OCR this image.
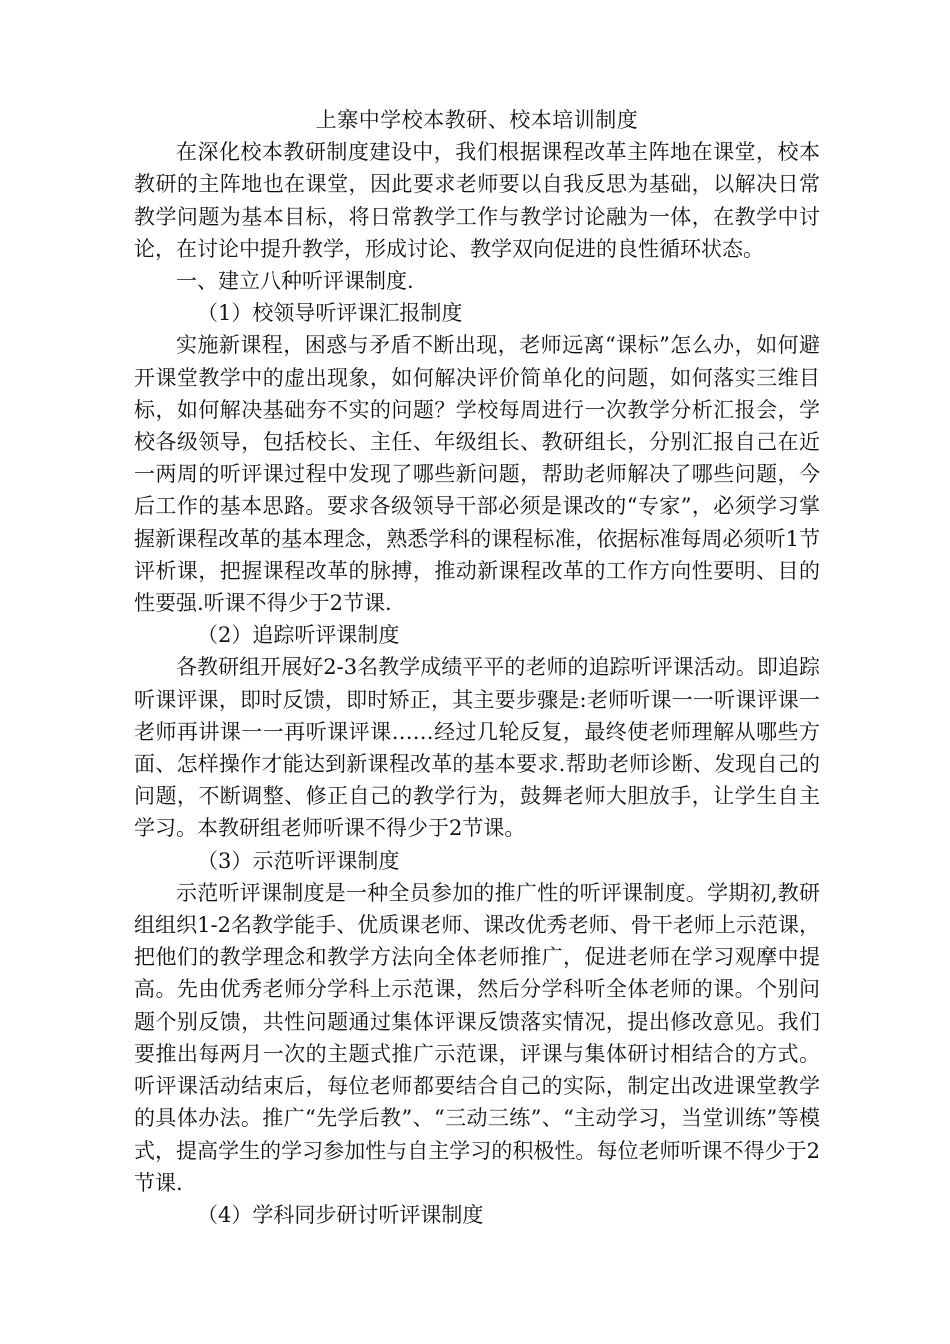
上寨中学校本教研、校本培训制度

在深化校本教研制度建设中，我们根据课程改革主阵地在课堂，校本教研的主阵地也在课堂，因此要求老师要以自我反思为基础，以解决日常教学问题为基本目标，将日常教学工作与教学讨论融为一体，在教学中讨论，在讨论中提升教学，形成讨论、教学双向促进的良性循环状态。

一、建立八种听评课制度.

（1）校领导听评课汇报制度

实施新课程，困惑与矛盾不断出现，老师远离“课标”怎么办，如何避开课堂教学中的虚出现象，如何解决评价简单化的问题，如何落实三维目标，如何解决基础夯不实的问题？学校每周进行一次教学分析汇报会，学校各级领导，包括校长、主任、年级组长、教研组长，分别汇报自己在近一两周的听评课过程中发现了哪些新问题，帮助老师解决了哪些问题，今后工作的基本思路。要求各级领导干部必须是课改的“专家”，必须学习掌握新课程改革的基本理念，熟悉学科的课程标准，依据标准每周必须听1节评析课，把握课程改革的脉搏，推动新课程改革的工作方向性要明、目的性要强.听课不得少于2节课.

（2）追踪听评课制度

各教研组开展好2-3名教学成绩平平的老师的追踪听评课活动。即追踪听课评课，即时反馈，即时矫正，其主要步骤是:老师听课一一听课评课一老师再讲课一一再听课评课……经过几轮反复，最终使老师理解从哪些方面、怎样操作才能达到新课程改革的基本要求.帮助老师诊断、发现自己的问题，不断调整、修正自己的教学行为，鼓舞老师大胆放手，让学生自主学习。本教研组老师听课不得少于2节课。

（3）示范听评课制度

示范听评课制度是一种全员参加的推广性的听评课制度。学期初,教研组组织1-2名教学能手、优质课老师、课改优秀老师、骨干老师上示范课，把他们的教学理念和教学方法向全体老师推广，促进老师在学习观摩中提高。先由优秀老师分学科上示范课，然后分学科听全体老师的课。个别问题个别反馈，共性问题通过集体评课反馈落实情况，提出修改意见。我们要推出每两月一次的主题式推广示范课，评课与集体研讨相结合的方式。听评课活动结束后，每位老师都要结合自己的实际，制定出改进课堂教学的具体办法。推广“先学后教”、“三动三练”、“主动学习，当堂训练”等模式，提高学生的学习参加性与自主学习的积极性。每位老师听课不得少于2节课.

（4）学科同步研讨听评课制度
